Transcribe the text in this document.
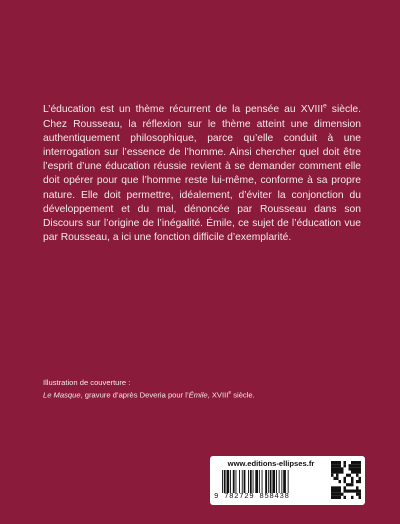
L’éducation est un thème récurrent de la pensée au XVIIIe siècle. Chez Rousseau, la réflexion sur le thème atteint une dimension authentiquement philosophique, parce qu’elle conduit à une interrogation sur l’essence de l’homme. Ainsi chercher quel doit être l’esprit d’une éducation réussie revient à se demander comment elle doit opérer pour que l’homme reste lui-même, conforme à sa propre nature. Elle doit permettre, idéalement, d’éviter la conjonction du développement et du mal, dénoncée par Rousseau dans son Discours sur l’origine de l’inégalité. Émile, ce sujet de l’éducation vue par Rousseau, a ici une fonction difficile d’exemplarité.

Illustration de couverture :
Le Masque, gravure d’après Deveria pour l’Émile, XVIIIe siècle.
www.editions-ellipses.fr
9 782729 858438
